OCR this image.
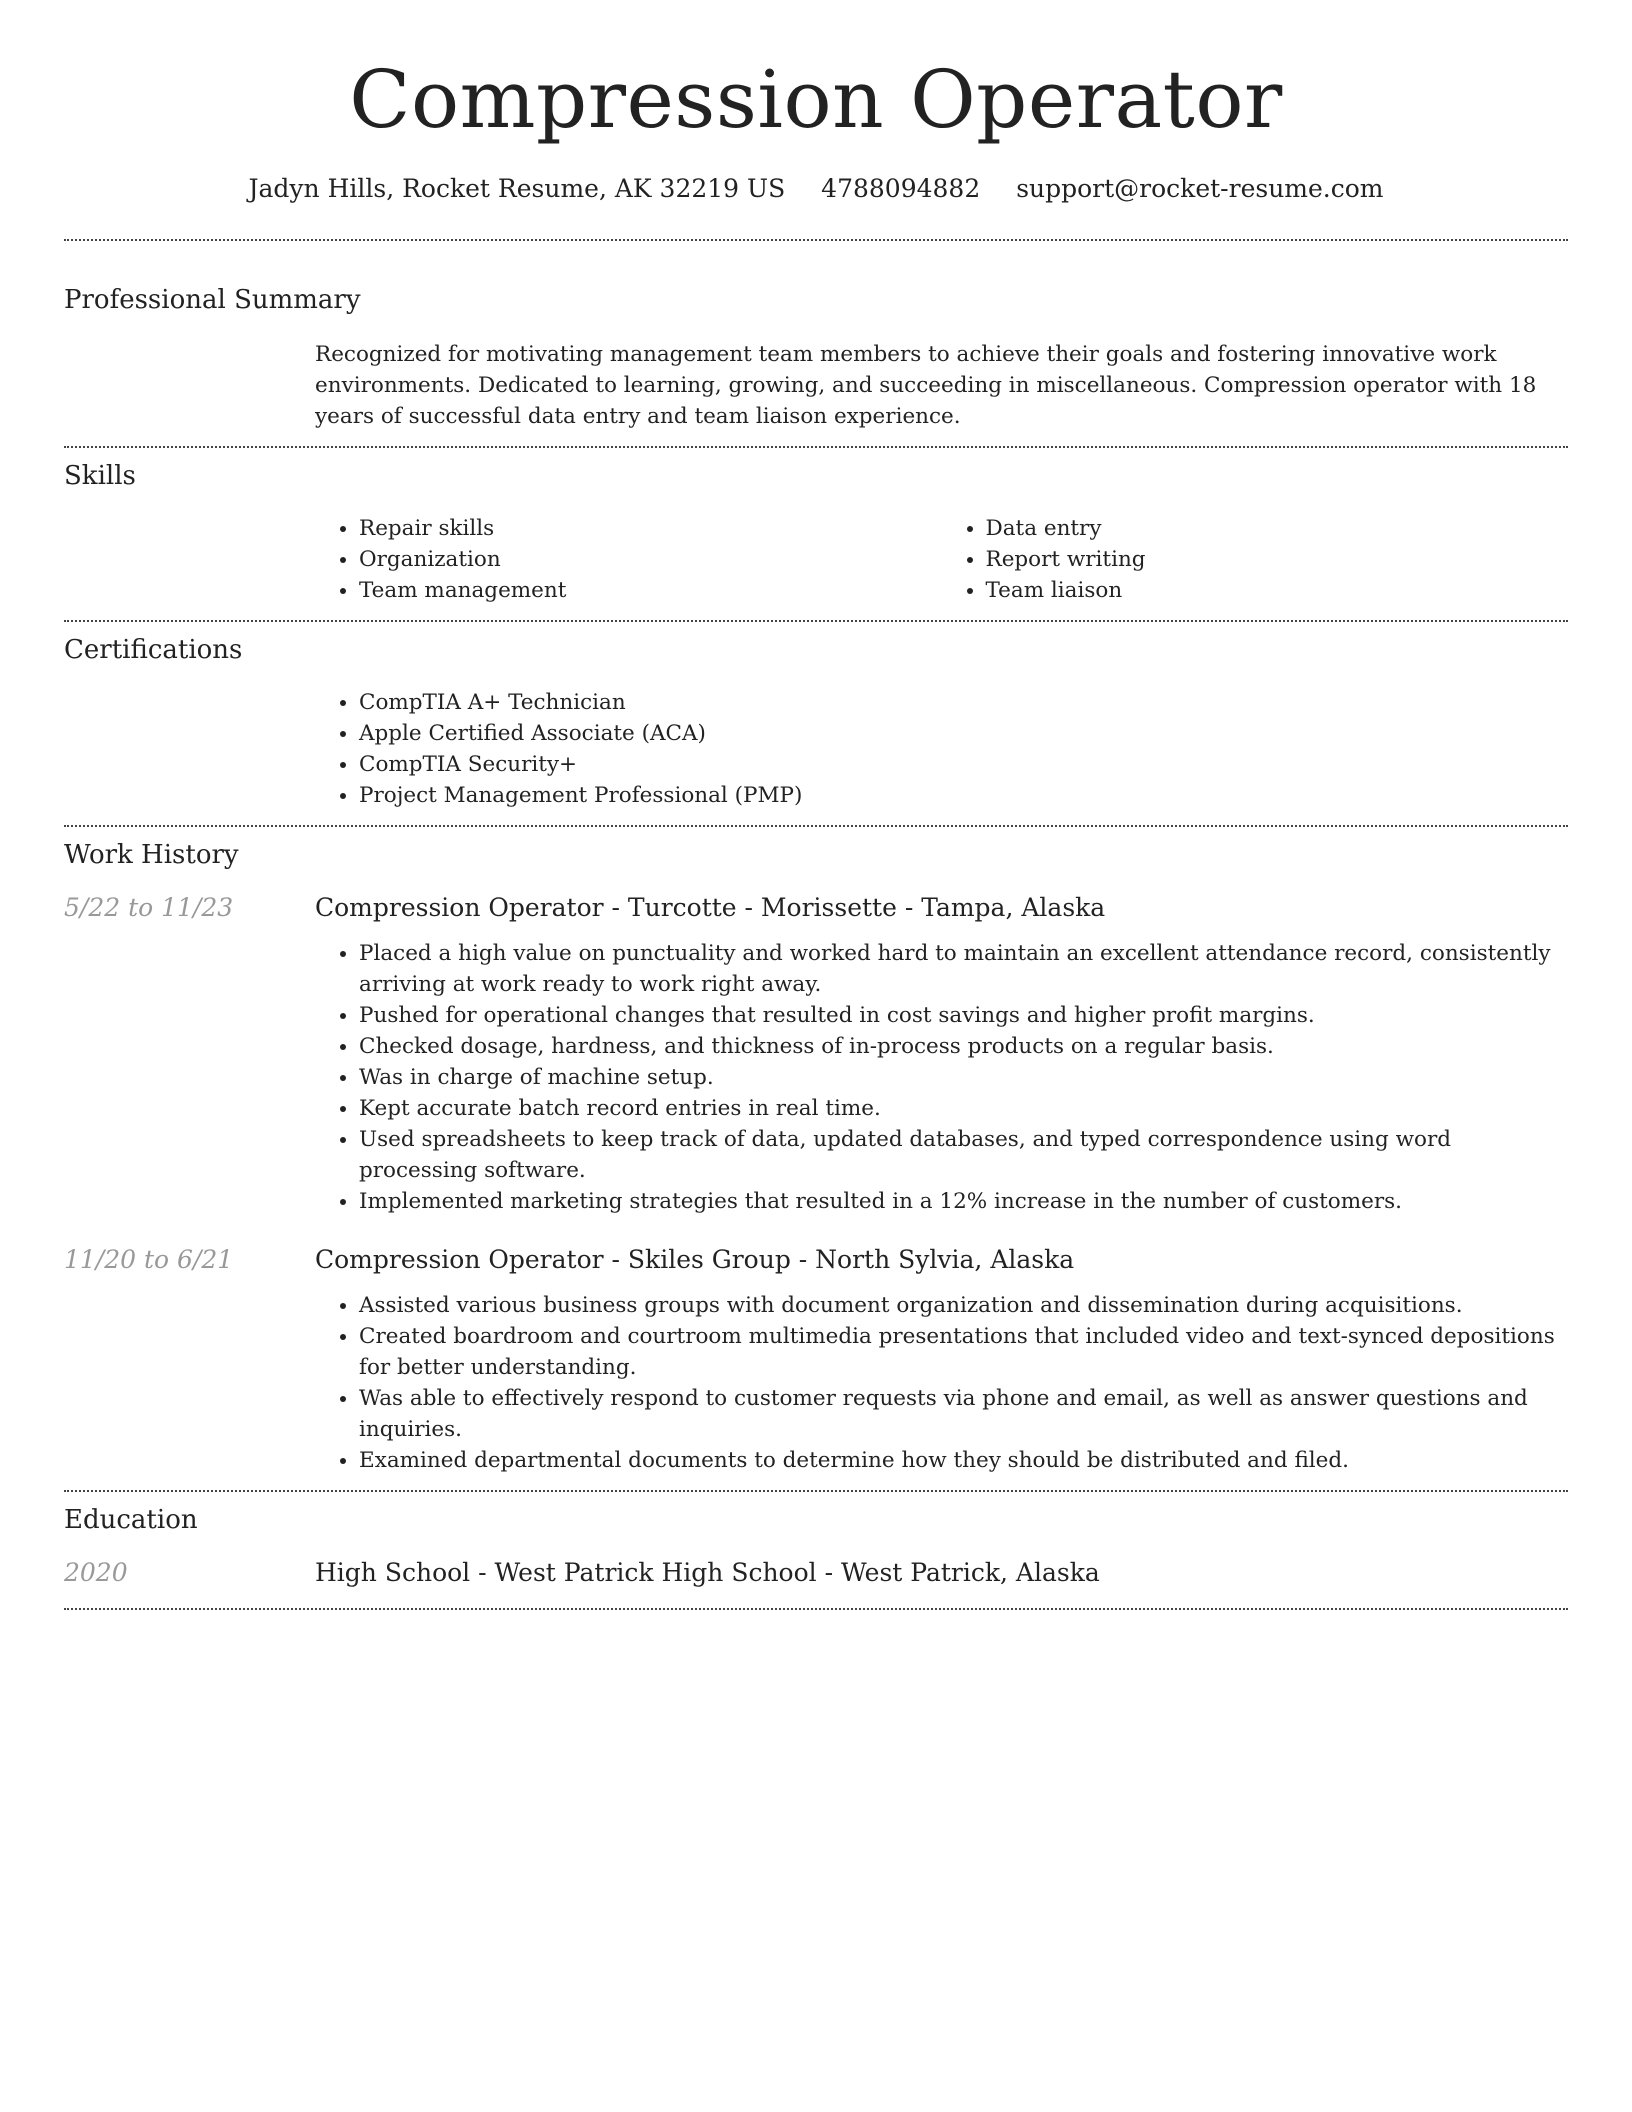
Compression Operator
Jadyn Hills, Rocket Resume, AK 32219 US 4788094882 support@rocket-resume.com
Professional Summary
Recognized for motivating management team members to achieve their goals and fostering innovative work environments. Dedicated to learning, growing, and succeeding in miscellaneous. Compression operator with 18 years of successful data entry and team liaison experience.
Skills
• Repair skills
• Organization
• Team management
• Data entry
• Report writing
• Team liaison
Certifications
• CompTIA A+ Technician
• Apple Certified Associate (ACA)
• CompTIA Security+
• Project Management Professional (PMP)
Work History
5/22 to 11/23	Compression Operator - Turcotte - Morissette - Tampa, Alaska
• Placed a high value on punctuality and worked hard to maintain an excellent attendance record, consistently arriving at work ready to work right away.
• Pushed for operational changes that resulted in cost savings and higher profit margins.
• Checked dosage, hardness, and thickness of in-process products on a regular basis.
• Was in charge of machine setup.
• Kept accurate batch record entries in real time.
• Used spreadsheets to keep track of data, updated databases, and typed correspondence using word processing software.
• Implemented marketing strategies that resulted in a 12% increase in the number of customers.
11/20 to 6/21	Compression Operator - Skiles Group - North Sylvia, Alaska
• Assisted various business groups with document organization and dissemination during acquisitions.
• Created boardroom and courtroom multimedia presentations that included video and text-synced depositions for better understanding.
• Was able to effectively respond to customer requests via phone and email, as well as answer questions and inquiries.
• Examined departmental documents to determine how they should be distributed and filed.
Education
2020	High School - West Patrick High School - West Patrick, Alaska
